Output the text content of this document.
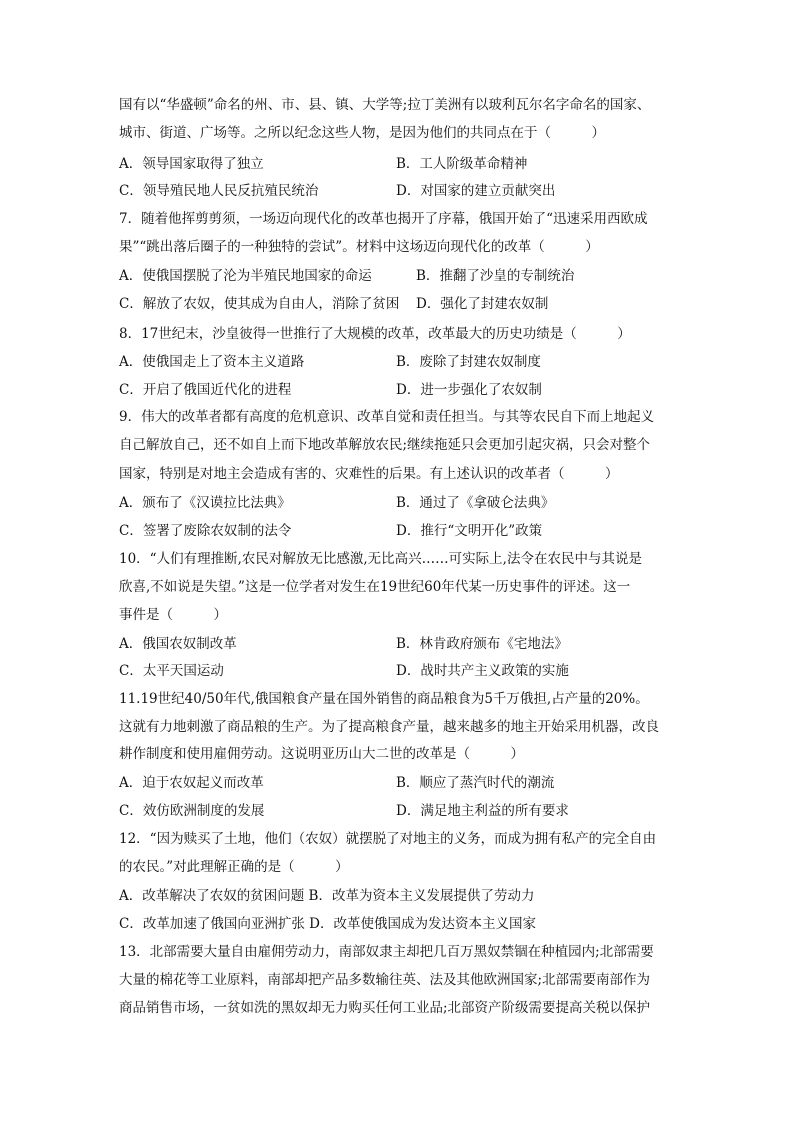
国有以“华盛顿”命名的州、市、县、镇、大学等;拉丁美洲有以玻利瓦尔名字命名的国家、
城市、街道、广场等。之所以纪念这些人物，是因为他们的共同点在于（　　　）
A．领导国家取得了独立	B．工人阶级革命精神
C．领导殖民地人民反抗殖民统治	D．对国家的建立贡献突出
7．随着他挥剪剪须，一场迈向现代化的改革也揭开了序幕，俄国开始了“迅速采用西欧成
果”“跳出落后圈子的一种独特的尝试”。材料中这场迈向现代化的改革（　　　）
A．使俄国摆脱了沦为半殖民地国家的命运	B．推翻了沙皇的专制统治
C．解放了农奴，使其成为自由人，消除了贫困 D．强化了封建农奴制
8．17世纪末，沙皇彼得一世推行了大规模的改革，改革最大的历史功绩是（　　　）
A．使俄国走上了资本主义道路	B．废除了封建农奴制度
C．开启了俄国近代化的进程	D．进一步强化了农奴制
9．伟大的改革者都有高度的危机意识、改革自觉和责任担当。与其等农民自下而上地起义
自己解放自己，还不如自上而下地改革解放农民;继续拖延只会更加引起灾祸，只会对整个
国家，特别是对地主会造成有害的、灾难性的后果。有上述认识的改革者（　　　）
A．颁布了《汉谟拉比法典》	B．通过了《拿破仑法典》
C．签署了废除农奴制的法令	D．推行“文明开化”政策
10．“人们有理推断,农民对解放无比感激,无比高兴……可实际上,法令在农民中与其说是
欣喜,不如说是失望。”这是一位学者对发生在19世纪60年代某一历史事件的评述。这一
事件是（　　　）
A．俄国农奴制改革	B．林肯政府颁布《宅地法》
C．太平天国运动	D．战时共产主义政策的实施
11.19世纪40/50年代,俄国粮食产量在国外销售的商品粮食为5千万俄担,占产量的20%。
这就有力地刺激了商品粮的生产。为了提高粮食产量，越来越多的地主开始采用机器，改良
耕作制度和使用雇佣劳动。这说明亚历山大二世的改革是（　　　）
A．迫于农奴起义而改革	B．顺应了蒸汽时代的潮流
C．效仿欧洲制度的发展	D．满足地主利益的所有要求
12．“因为赎买了土地，他们（农奴）就摆脱了对地主的义务，而成为拥有私产的完全自由
的农民。”对此理解正确的是（　　　）
A．改革解决了农奴的贫困问题 B．改革为资本主义发展提供了劳动力
C．改革加速了俄国向亚洲扩张 D．改革使俄国成为发达资本主义国家
13．北部需要大量自由雇佣劳动力，南部奴隶主却把几百万黑奴禁锢在种植园内;北部需要
大量的棉花等工业原料，南部却把产品多数输往英、法及其他欧洲国家;北部需要南部作为
商品销售市场，一贫如洗的黑奴却无力购买任何工业品;北部资产阶级需要提高关税以保护
